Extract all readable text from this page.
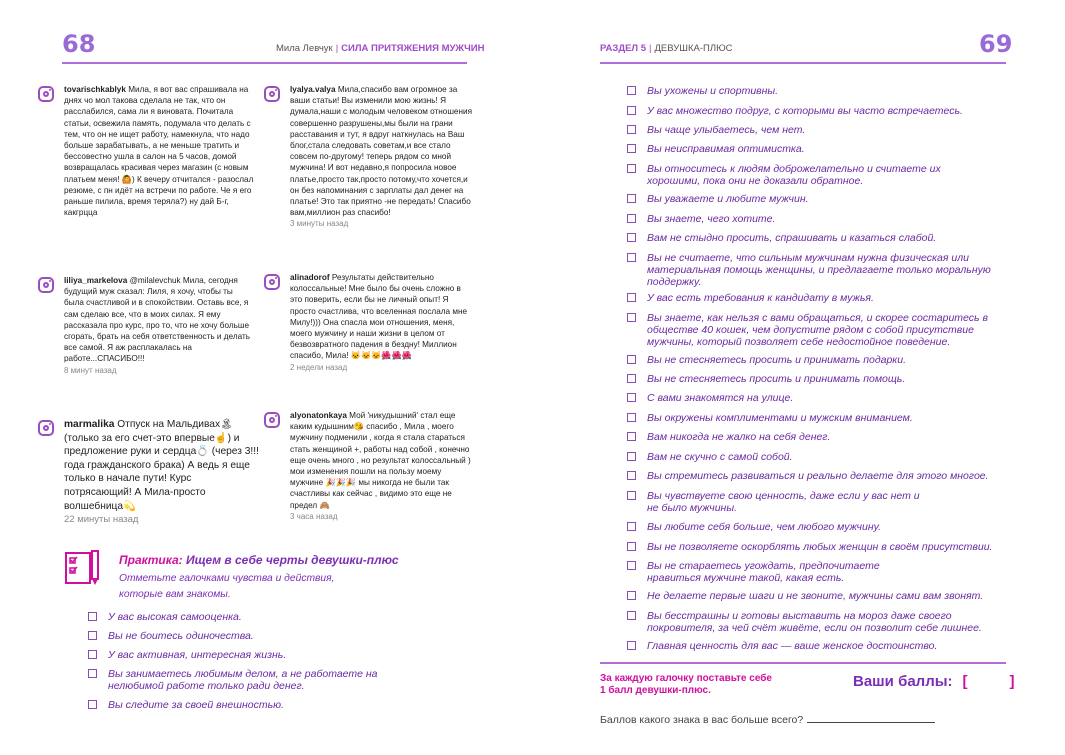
68	Мила Левчук | СИЛА ПРИТЯЖЕНИЯ МУЖЧИН
tovarischkablyk Мила, я вот вас спрашивала на днях чо мол такова сделала не так, что он расслабился, сама ли я виновата. Почитала статьи, освежила память, подумала что делать с тем, что он не ищет работу, намекнула, что надо больше зарабатывать, а не меньше тратить и бессовестно ушла в салон на 5 часов, домой возвращалась красивая через магазин (с новым платьем меня! 🙆) К вечеру отчитался - разослал резюме, с пн идёт на встречи по работе. Че я его раньше пилила, время теряла?) ну дай Б-г, какгрцца
lyalya.valya Мила,спасибо вам огромное за ваши статьи! Вы изменили мою жизнь! Я думала,наши с молодым человеком отношения совершенно разрушены,мы были на грани расставания и тут, я вдруг наткнулась на Ваш блог,стала следовать советам,и все стало совсем по-другому! теперь рядом со мной мужчина! И вот недавно,я попросила новое платье,просто так,просто потому,что хочется,и он без напоминания с зарплаты дал денег на платье! Это так приятно -не передать! Спасибо вам,миллион раз спасибо!
3 минуты назад
liliya_markelova @milalevchuk Мила, сегодня будущий муж сказал: Лиля, я хочу, чтобы ты была счастливой и в спокойствии. Оставь все, я сам сделаю все, что в моих силах. Я ему рассказала про курс, про то, что не хочу больше сгорать, брать на себя ответственность и делать все самой. Я аж расплакалась на работе...СПАСИБО!!!
8 минут назад
alinadorof Результаты действительно колоссальные! Мне было бы очень сложно в это поверить, если бы не личный опыт! Я просто счастлива, что вселенная послала мне Милу!))) Она спасла мои отношения, меня, моего мужчину и наши жизни в целом от безвозвратного падения в бездну! Миллион спасибо, Мила! 🐱🐱🐱🌺🌺🌺
2 недели назад
marmalika Отпуск на Мальдивах🏝 (только за его счет-это впервые☝) и предложение руки и сердца💍 (через 3!!! года гражданского брака) А ведь я еще только в начале пути! Курс потрясающий! А Мила-просто волшебница💫
22 минуты назад
alyonatonkaya Мой 'никудышний' стал еще каким кудышним😘 спасибо , Мила , моего мужчину подменили , когда я стала стараться стать женщиной +, работы над собой , конечно еще очень много , но результат колоссальный ) мои изменения пошли на пользу моему мужчине 🎉🎉🎉 мы никогда не были так счастливы как сейчас , видимо это еще не предел 🙈
3 часа назад
Практика: Ищем в себе черты девушки-плюс
Отметьте галочками чувства и действия,
которые вам знакомы.
У вас высокая самооценка.
Вы не боитесь одиночества.
У вас активная, интересная жизнь.
Вы занимаетесь любимым делом, а не работаете на нелюбимой работе только ради денег.
Вы следите за своей внешностью.
РАЗДЕЛ 5 | ДЕВУШКА-ПЛЮС	69
Вы ухожены и спортивны.
У вас множество подруг, с которыми вы часто встречаетесь.
Вы чаще улыбаетесь, чем нет.
Вы неисправимая оптимистка.
Вы относитесь к людям доброжелательно и считаете их хорошими, пока они не доказали обратное.
Вы уважаете и любите мужчин.
Вы знаете, чего хотите.
Вам не стыдно просить, спрашивать и казаться слабой.
Вы не считаете, что сильным мужчинам нужна физическая или материальная помощь женщины, и предлагаете только моральную поддержку.
У вас есть требования к кандидату в мужья.
Вы знаете, как нельзя с вами обращаться, и скорее состаритесь в обществе 40 кошек, чем допустите рядом с собой присутствие мужчины, который позволяет себе недостойное поведение.
Вы не стесняетесь просить и принимать подарки.
Вы не стесняетесь просить и принимать помощь.
С вами знакомятся на улице.
Вы окружены комплиментами и мужским вниманием.
Вам никогда не жалко на себя денег.
Вам не скучно с самой собой.
Вы стремитесь развиваться и реально делаете для этого многое.
Вы чувствуете свою ценность, даже если у вас нет и не было мужчины.
Вы любите себя больше, чем любого мужчину.
Вы не позволяете оскорблять любых женщин в своём присутствии.
Вы не стараетесь угождать, предпочитаете нравиться мужчине такой, какая есть.
Не делаете первые шаги и не звоните, мужчины сами вам звонят.
Вы бесстрашны и готовы выставить на мороз даже своего покровителя, за чей счёт живёте, если он позволит себе лишнее.
Главная ценность для вас — ваше женское достоинство.
За каждую галочку поставьте себе
1 балл девушки-плюс.
Ваши баллы: [	]
Баллов какого знака в вас больше всего?
